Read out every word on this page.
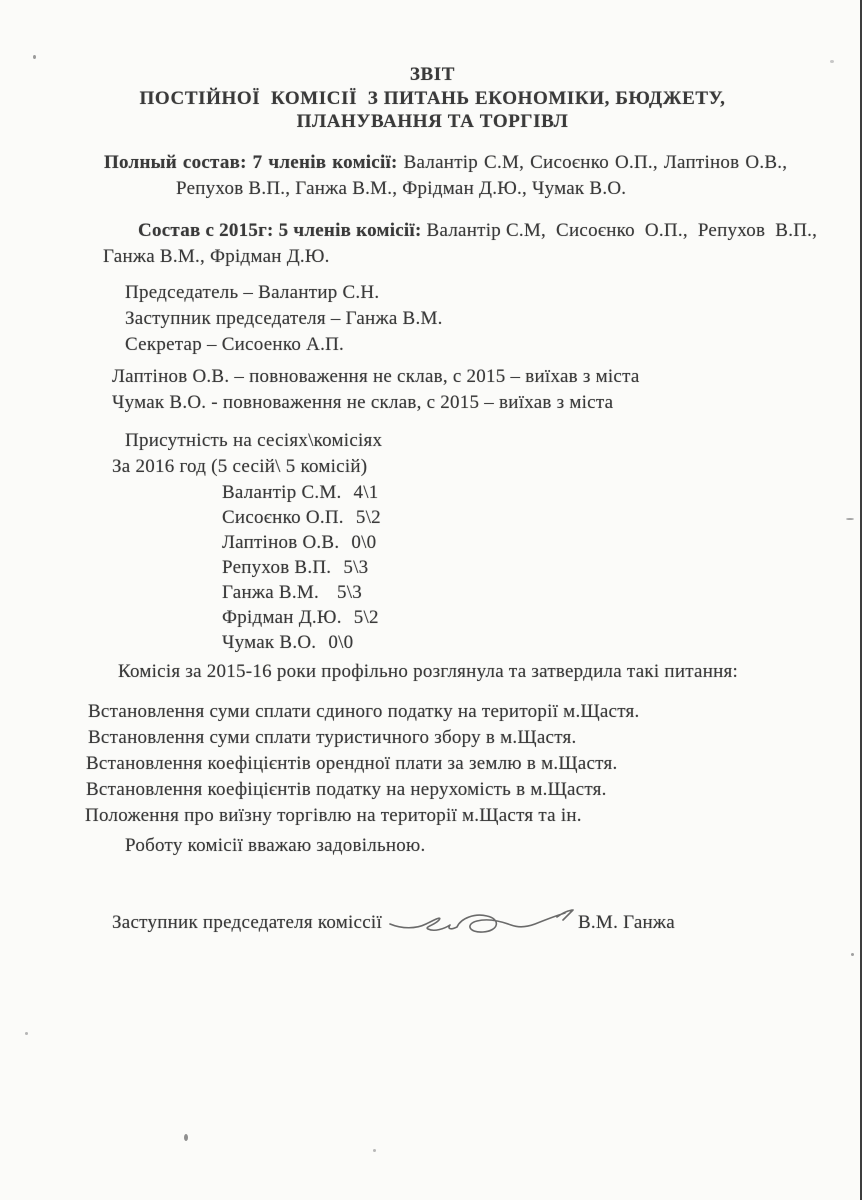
ЗВІТ
ПОСТІЙНОЇ  КОМІСІЇ  З ПИТАНЬ ЕКОНОМІКИ, БЮДЖЕТУ,
ПЛАНУВАННЯ ТА ТОРГІВЛ
Полный состав: 7 членів комісії: Валантір С.М, Сисоєнко О.П., Лаптінов О.В.,
Репухов В.П., Ганжа В.М., Фрідман Д.Ю., Чумак В.О.
Состав с 2015г: 5 членів комісії: Валантір С.М,  Сисоєнко  О.П.,  Репухов  В.П.,
Ганжа В.М., Фрідман Д.Ю.
Председатель – Валантир С.Н.
Заступник председателя – Ганжа В.М.
Секретар – Сисоенко А.П.
Лаптінов О.В. – повноваження не склав, с 2015 – виїхав з міста
Чумак В.О. - повноваження не склав, с 2015 – виїхав з міста
Присутність на сесіях\комісіях
За 2016 год (5 сесій\ 5 комісій)
Валантір С.М. 4\1
Сисоєнко О.П. 5\2
Лаптінов О.В. 0\0
Репухов В.П. 5\3
Ганжа В.М. 5\3
Фрідман Д.Ю. 5\2
Чумак В.О. 0\0
Комісія за 2015-16 роки профільно розглянула та затвердила такі питання:
Встановлення суми сплати сдиного податку на території м.Щастя.
Встановлення суми сплати туристичного збору в м.Щастя.
Встановлення коефіцієнтів орендної плати за землю в м.Щастя.
Встановлення коефіцієнтів податку на нерухомість в м.Щастя.
Положення про виїзну торгівлю на території м.Щастя та ін.
Роботу комісії вважаю задовільною.
Заступник председателя коміссії	В.М. Ганжа
